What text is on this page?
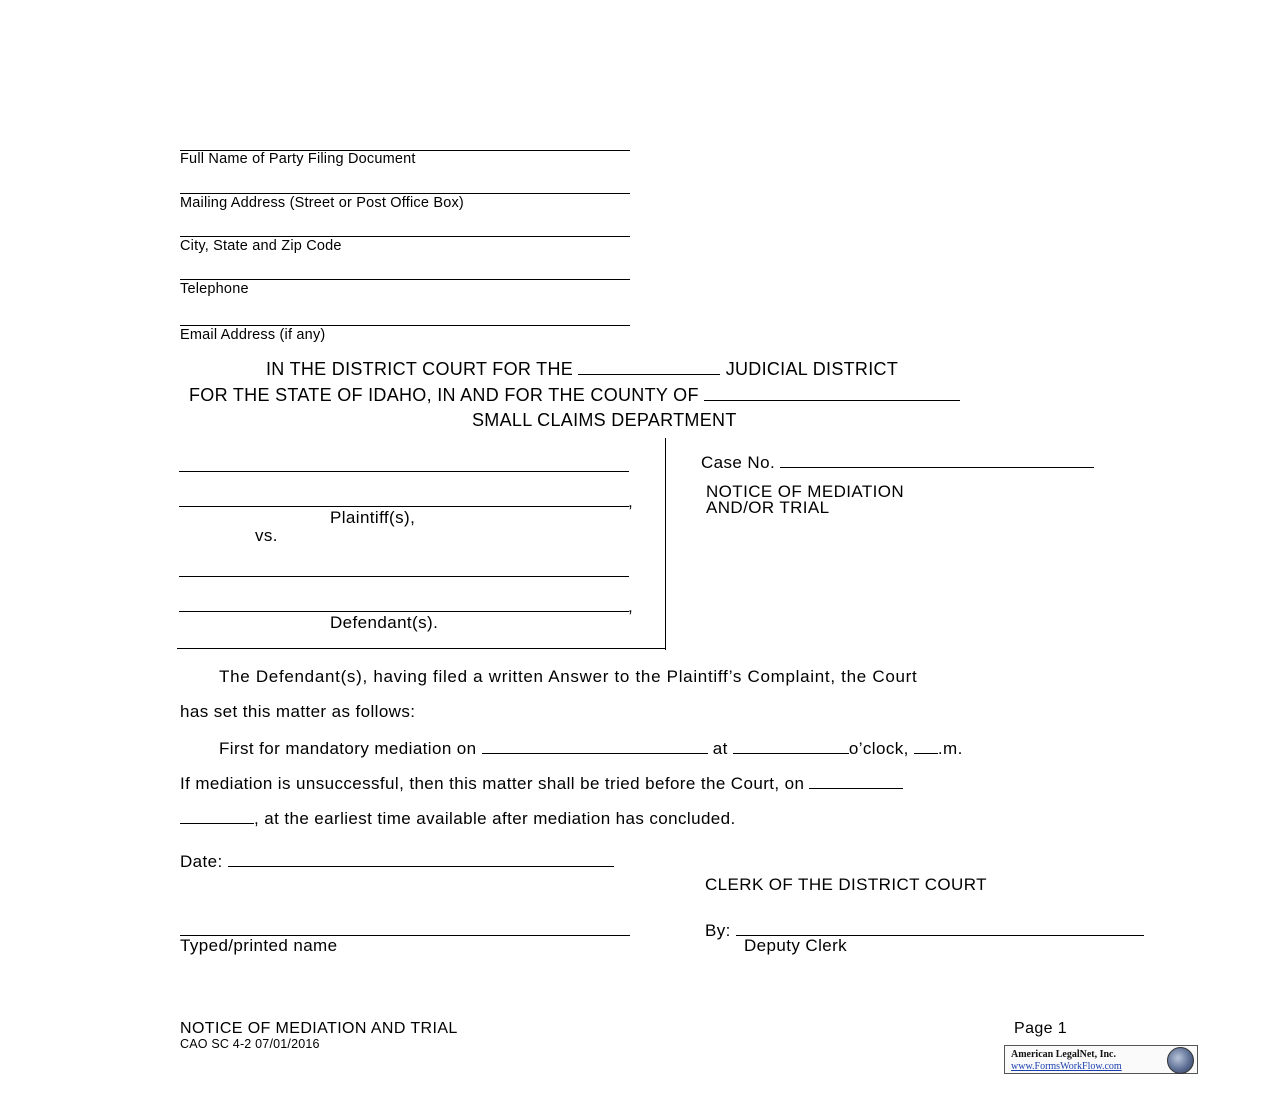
Full Name of Party Filing Document
Mailing Address (Street or Post Office Box)
City, State and Zip Code
Telephone
Email Address (if any)
IN THE DISTRICT COURT FOR THE	JUDICIAL DISTRICT
FOR THE STATE OF IDAHO, IN AND FOR THE COUNTY OF
SMALL CLAIMS DEPARTMENT
,
Plaintiff(s),
vs.
,
Defendant(s).
Case No.
NOTICE OF MEDIATION
AND/OR TRIAL
The Defendant(s), having filed a written Answer to the Plaintiff’s Complaint, the Court
has set this matter as follows:
First for mandatory mediation on	at	o’clock, .m.
If mediation is unsuccessful, then this matter shall be tried before the Court, on
, at the earliest time available after mediation has concluded.
Date:
CLERK OF THE DISTRICT COURT
Typed/printed name
By:
Deputy Clerk
NOTICE OF MEDIATION AND TRIAL
CAO SC 4-2 07/01/2016
Page 1
American LegalNet, Inc.
www.FormsWorkFlow.com
